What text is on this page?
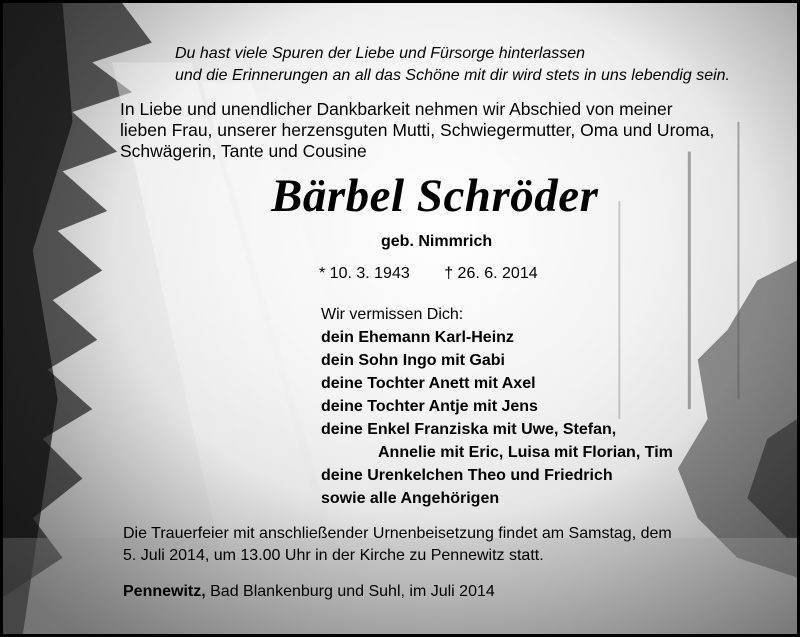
Du hast viele Spuren der Liebe und Fürsorge hinterlassen
und die Erinnerungen an all das Schöne mit dir wird stets in uns lebendig sein.
In Liebe und unendlicher Dankbarkeit nehmen wir Abschied von meiner
lieben Frau, unserer herzensguten Mutti, Schwiegermutter, Oma und Uroma,
Schwägerin, Tante und Cousine
Bärbel Schröder
geb. Nimmrich
* 10. 3. 1943 † 26. 6. 2014
Wir vermissen Dich:
dein Ehemann Karl-Heinz
dein Sohn Ingo mit Gabi
deine Tochter Anett mit Axel
deine Tochter Antje mit Jens
deine Enkel Franziska mit Uwe, Stefan,
Annelie mit Eric, Luisa mit Florian, Tim
deine Urenkelchen Theo und Friedrich
sowie alle Angehörigen
Die Trauerfeier mit anschließender Urnenbeisetzung findet am Samstag, dem
5. Juli 2014, um 13.00 Uhr in der Kirche zu Pennewitz statt.
Pennewitz, Bad Blankenburg und Suhl, im Juli 2014
